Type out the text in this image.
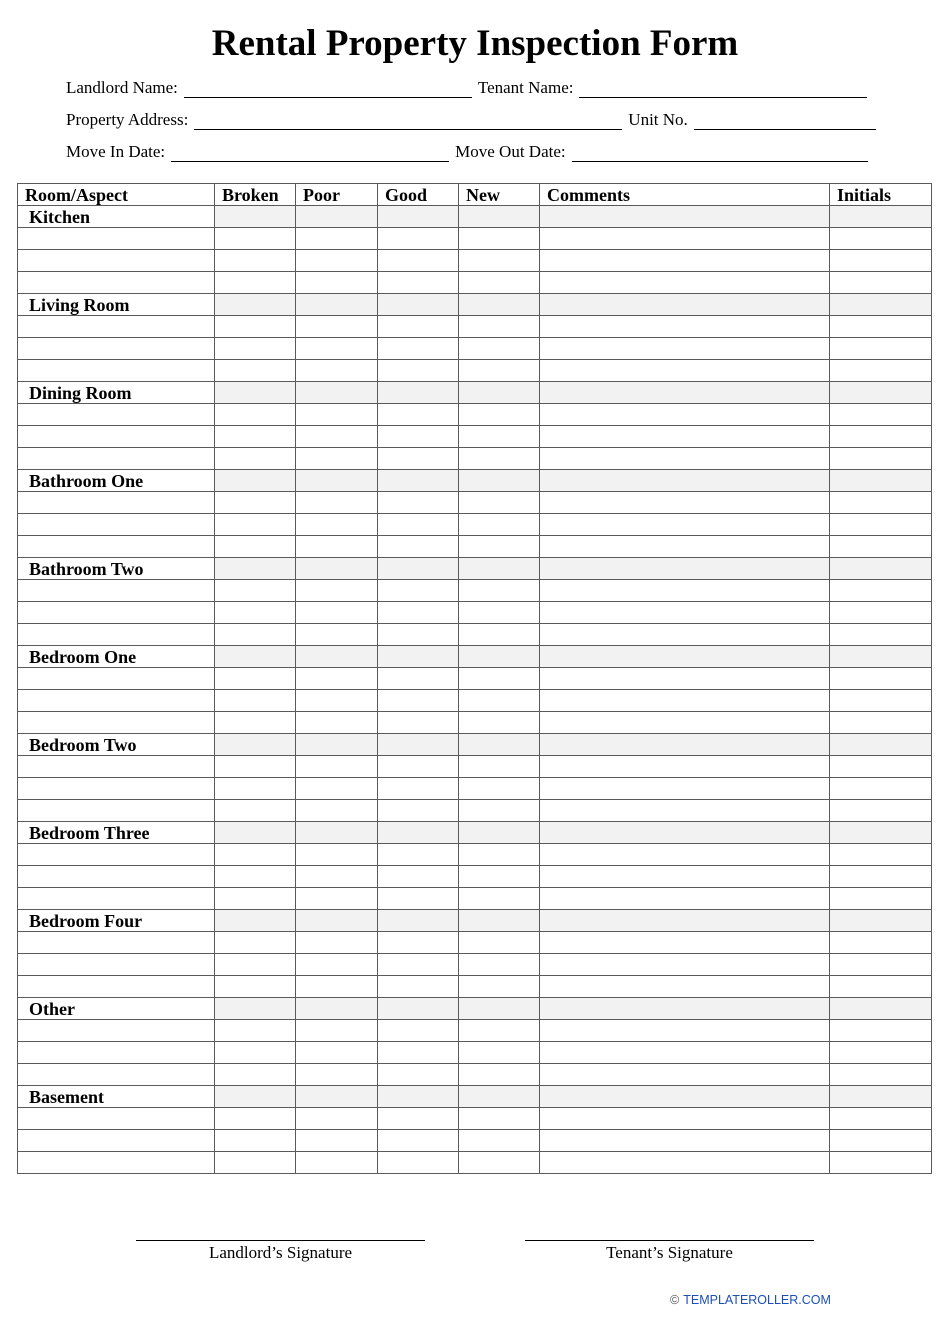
Rental Property Inspection Form
Landlord Name:	Tenant Name:
Property Address:	Unit No.
Move In Date:	Move Out Date:
Room/Aspect	Broken	Poor	Good	New	Comments	Initials
Kitchen						

Living Room						

Dining Room						

Bathroom One						

Bathroom Two						

Bedroom One						

Bedroom Two						

Bedroom Three						

Bedroom Four						

Other						

Basement						

Landlord’s Signature	Tenant’s Signature
© TEMPLATEROLLER.COM
